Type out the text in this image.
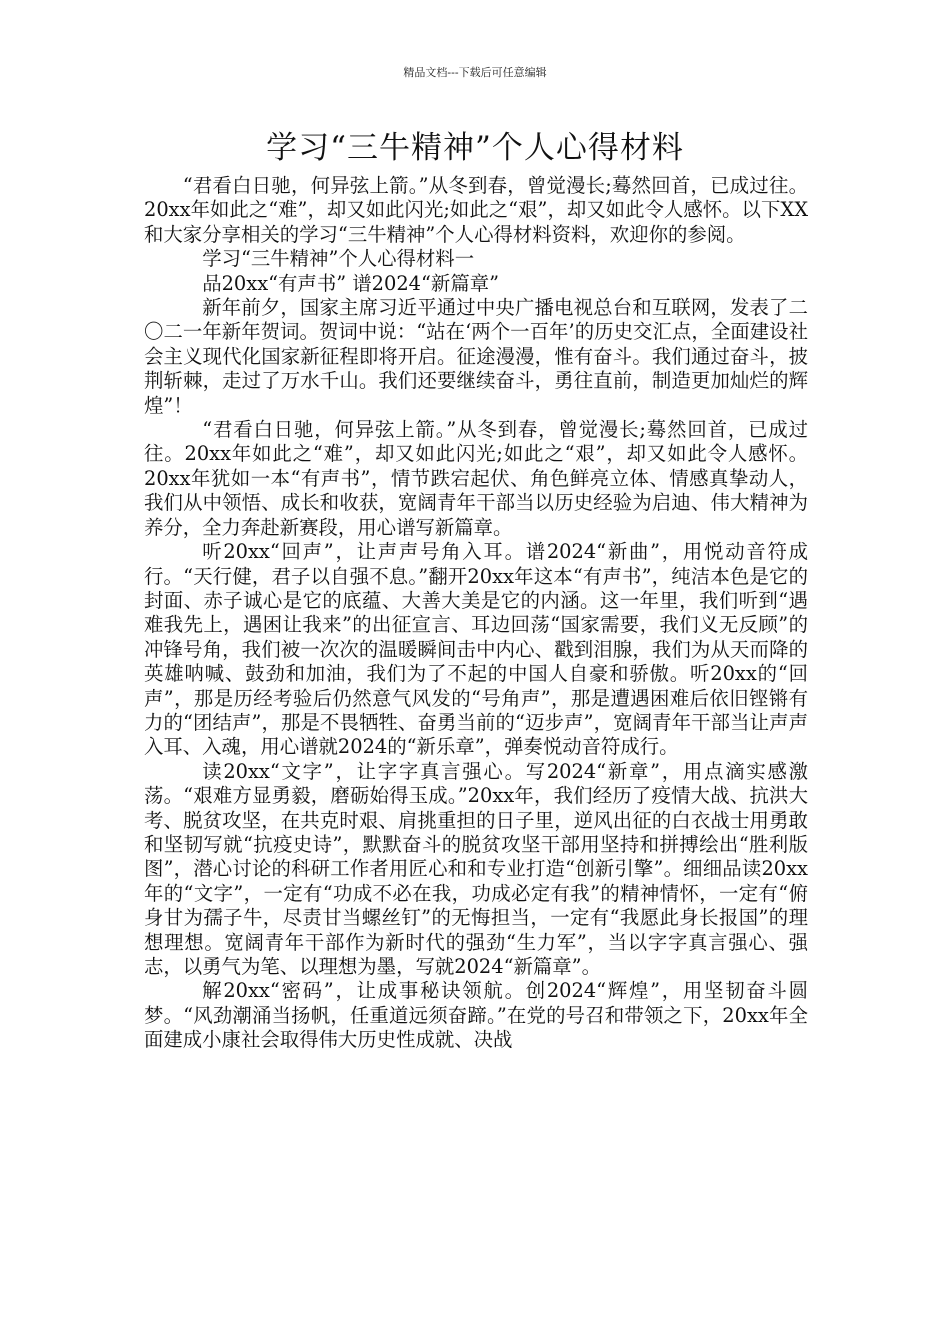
精品文档---下载后可任意编辑
学习“三牛精神”个人心得材料

“君看白日驰，何异弦上箭。”从冬到春，曾觉漫长;蓦然回首，已成过往。20xx年如此之“难”，却又如此闪光;如此之“艰”，却又如此令人感怀。以下XX和大家分享相关的学习“三牛精神”个人心得材料资料，欢迎你的参阅。

学习“三牛精神”个人心得材料一

品20xx“有声书” 谱2024“新篇章”

新年前夕，国家主席习近平通过中央广播电视总台和互联网，发表了二〇二一年新年贺词。贺词中说：“站在‘两个一百年’的历史交汇点，全面建设社会主义现代化国家新征程即将开启。征途漫漫，惟有奋斗。我们通过奋斗，披荆斩棘，走过了万水千山。我们还要继续奋斗，勇往直前，制造更加灿烂的辉煌”！

“君看白日驰，何异弦上箭。”从冬到春，曾觉漫长;蓦然回首，已成过往。20xx年如此之“难”，却又如此闪光;如此之“艰”，却又如此令人感怀。20xx年犹如一本“有声书”，情节跌宕起伏、角色鲜亮立体、情感真挚动人，我们从中领悟、成长和收获，宽阔青年干部当以历史经验为启迪、伟大精神为养分，全力奔赴新赛段，用心谱写新篇章。

听20xx“回声”，让声声号角入耳。谱2024“新曲”，用悦动音符成行。“天行健，君子以自强不息。”翻开20xx年这本“有声书”，纯洁本色是它的封面、赤子诚心是它的底蕴、大善大美是它的内涵。这一年里，我们听到“遇难我先上，遇困让我来”的出征宣言、耳边回荡“国家需要，我们义无反顾”的冲锋号角，我们被一次次的温暖瞬间击中内心、戳到泪腺，我们为从天而降的英雄呐喊、鼓劲和加油，我们为了不起的中国人自豪和骄傲。听20xx的“回声”，那是历经考验后仍然意气风发的“号角声”，那是遭遇困难后依旧铿锵有力的“团结声”，那是不畏牺牲、奋勇当前的“迈步声”，宽阔青年干部当让声声入耳、入魂，用心谱就2024的“新乐章”，弹奏悦动音符成行。

读20xx“文字”，让字字真言强心。写2024“新章”，用点滴实感激荡。“艰难方显勇毅，磨砺始得玉成。”20xx年，我们经历了疫情大战、抗洪大考、脱贫攻坚，在共克时艰、肩挑重担的日子里，逆风出征的白衣战士用勇敢和坚韧写就“抗疫史诗”，默默奋斗的脱贫攻坚干部用坚持和拼搏绘出“胜利版图”，潜心讨论的科研工作者用匠心和和专业打造“创新引擎”。细细品读20xx年的“文字”，一定有“功成不必在我，功成必定有我”的精神情怀，一定有“俯身甘为孺子牛，尽责甘当螺丝钉”的无悔担当，一定有“我愿此身长报国”的理想理想。宽阔青年干部作为新时代的强劲“生力军”，当以字字真言强心、强志，以勇气为笔、以理想为墨，写就2024“新篇章”。

解20xx“密码”，让成事秘诀领航。创2024“辉煌”，用坚韧奋斗圆梦。“风劲潮涌当扬帆，任重道远须奋蹄。”在党的号召和带领之下，20xx年全面建成小康社会取得伟大历史性成就、决战
